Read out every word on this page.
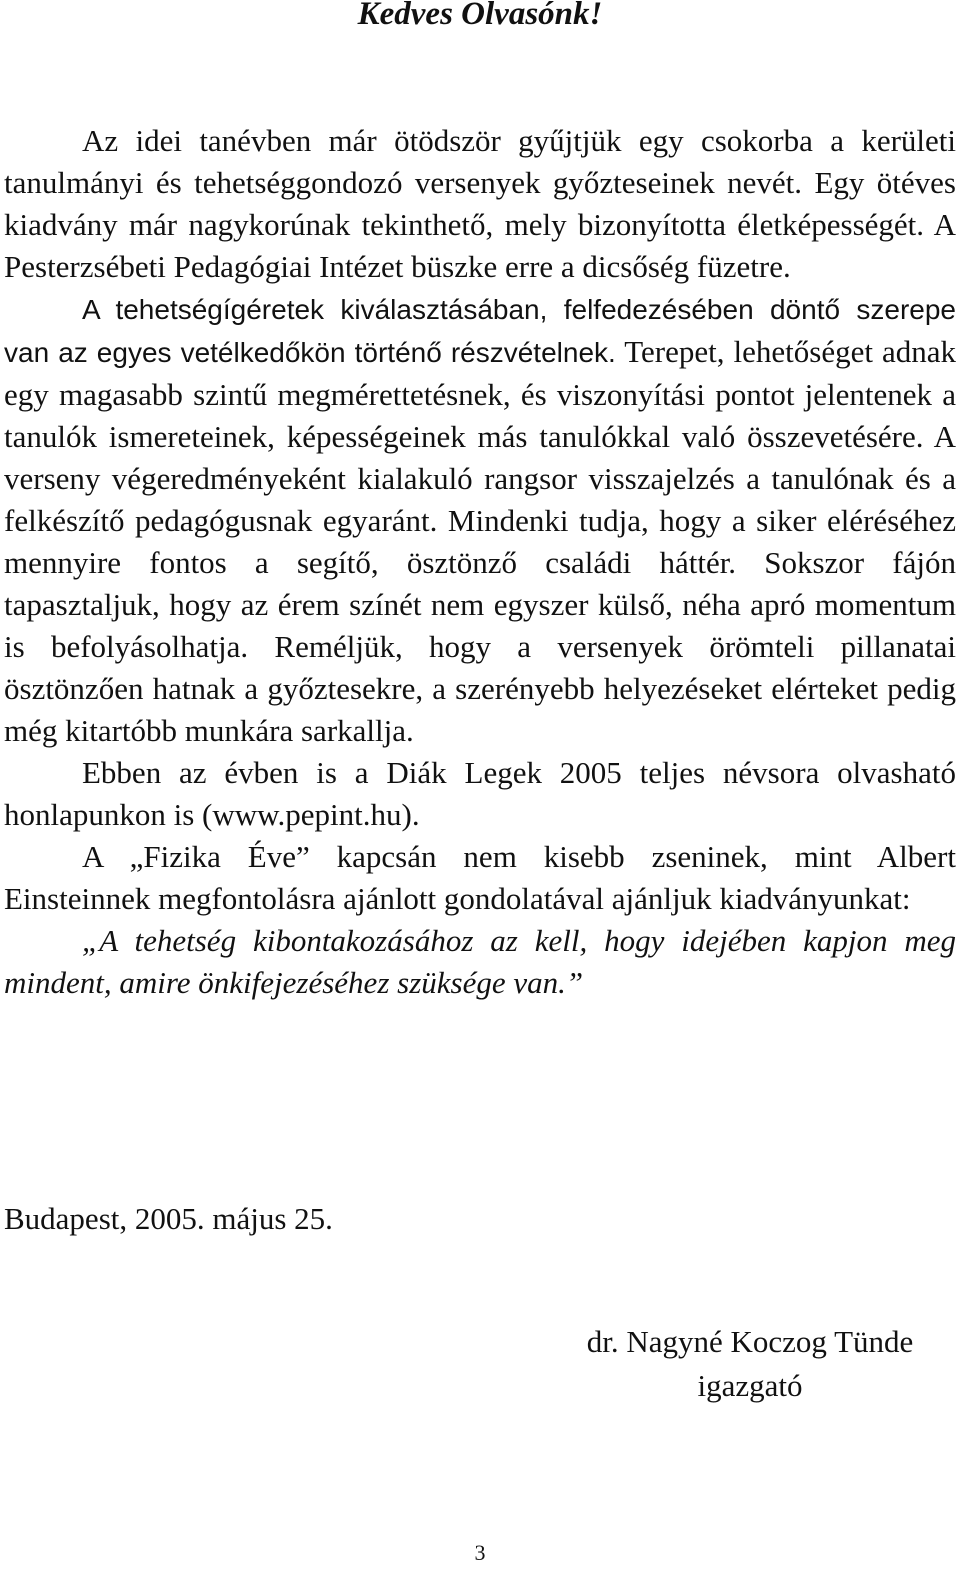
Kedves Olvasónk!

Az idei tanévben már ötödször gyűjtjük egy csokorba a kerületi tanulmányi és tehetséggondozó versenyek győzteseinek nevét. Egy ötéves kiadvány már nagykorúnak tekinthető, mely bizonyította életképességét. A Pesterzsébeti Pedagógiai Intézet büszke erre a dicsőség füzetre.

A tehetségígéretek kiválasztásában, felfedezésében döntő szerepe van az egyes vetélkedőkön történő részvételnek. Terepet, lehetőséget adnak egy magasabb szintű megmérettetésnek, és viszonyítási pontot jelentenek a tanulók ismereteinek, képességeinek más tanulókkal való összevetésére. A verseny végeredményeként kialakuló rangsor visszajelzés a tanulónak és a felkészítő pedagógusnak egyaránt. Mindenki tudja, hogy a siker eléréséhez mennyire fontos a segítő, ösztönző családi háttér. Sokszor fájón tapasztaljuk, hogy az érem színét nem egyszer külső, néha apró momentum is befolyásolhatja. Reméljük, hogy a versenyek örömteli pillanatai ösztönzően hatnak a győztesekre, a szerényebb helyezéseket elérteket pedig még kitartóbb munkára sarkallja.

Ebben az évben is a Diák Legek 2005 teljes névsora olvasható honlapunkon is (www.pepint.hu).

A „Fizika Éve” kapcsán nem kisebb zseninek, mint Albert Einsteinnek megfontolásra ajánlott gondolatával ajánljuk kiadványunkat:

„A tehetség kibontakozásához az kell, hogy idejében kapjon meg mindent, amire önkifejezéséhez szüksége van.”

Budapest, 2005. május 25.

dr. Nagyné Koczog Tünde
igazgató
3
